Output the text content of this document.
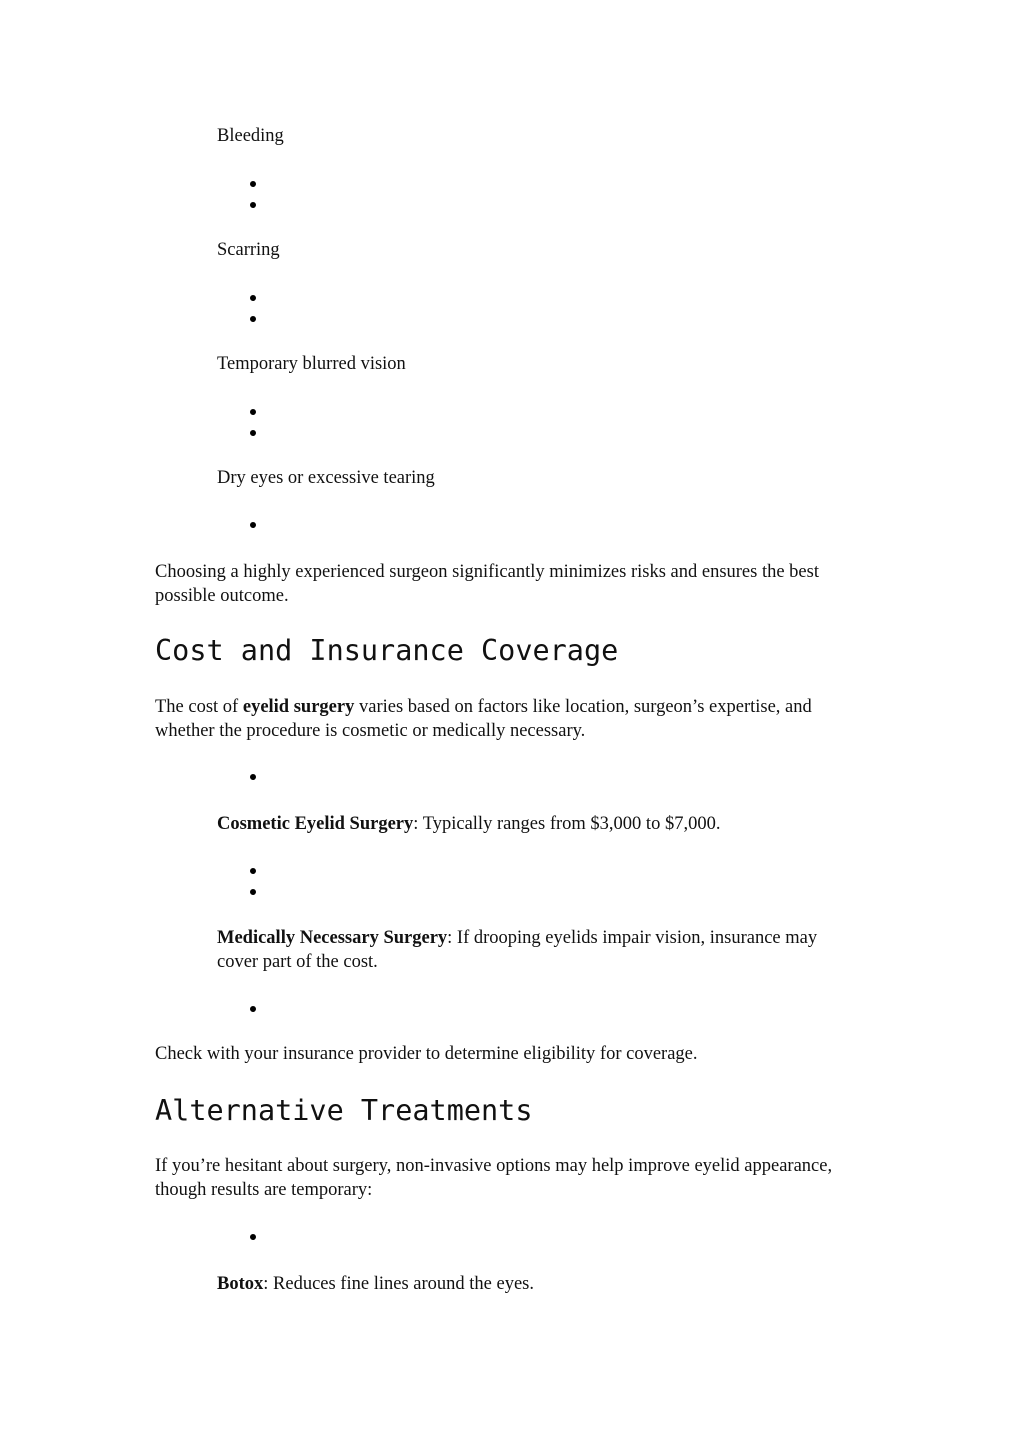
Bleeding
Scarring
Temporary blurred vision
Dry eyes or excessive tearing
Choosing a highly experienced surgeon significantly minimizes risks and ensures the best possible outcome.
Cost and Insurance Coverage
The cost of eyelid surgery varies based on factors like location, surgeon’s expertise, and whether the procedure is cosmetic or medically necessary.
Cosmetic Eyelid Surgery: Typically ranges from $3,000 to $7,000.
Medically Necessary Surgery: If drooping eyelids impair vision, insurance may cover part of the cost.
Check with your insurance provider to determine eligibility for coverage.
Alternative Treatments
If you’re hesitant about surgery, non-invasive options may help improve eyelid appearance, though results are temporary:
Botox: Reduces fine lines around the eyes.
